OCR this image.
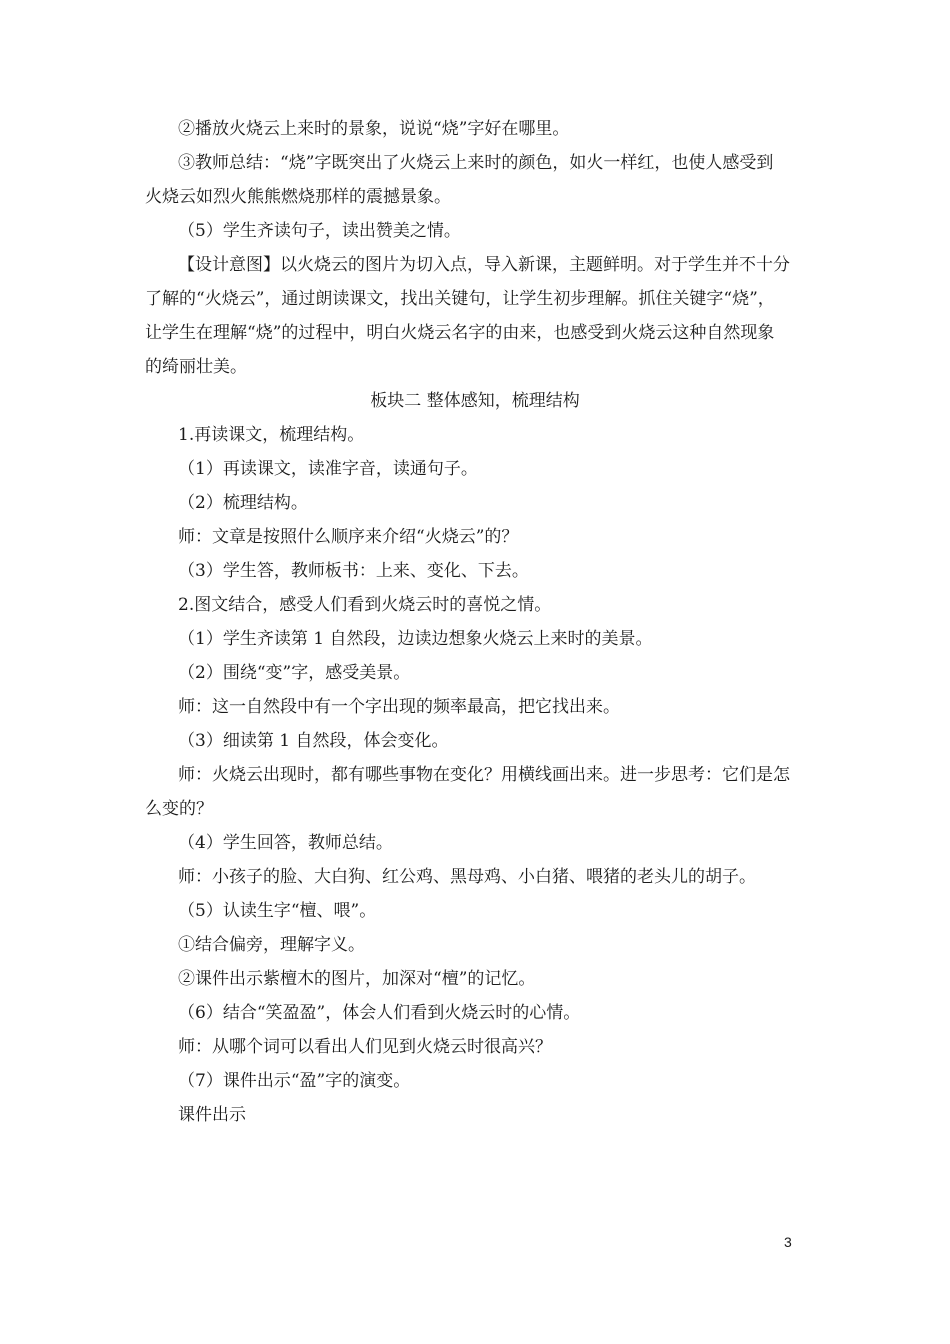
②播放火烧云上来时的景象，说说“烧”字好在哪里。
③教师总结：“烧”字既突出了火烧云上来时的颜色，如火一样红，也使人感受到
火烧云如烈火熊熊燃烧那样的震撼景象。
（5）学生齐读句子，读出赞美之情。
【设计意图】以火烧云的图片为切入点，导入新课，主题鲜明。对于学生并不十分
了解的“火烧云”，通过朗读课文，找出关键句，让学生初步理解。抓住关键字“烧”，
让学生在理解“烧”的过程中，明白火烧云名字的由来，也感受到火烧云这种自然现象
的绮丽壮美。
板块二 整体感知，梳理结构
1.再读课文，梳理结构。
（1）再读课文，读准字音，读通句子。
（2）梳理结构。
师：文章是按照什么顺序来介绍“火烧云”的？
（3）学生答，教师板书：上来、变化、下去。
2.图文结合，感受人们看到火烧云时的喜悦之情。
（1）学生齐读第 1 自然段，边读边想象火烧云上来时的美景。
（2）围绕“变”字，感受美景。
师：这一自然段中有一个字出现的频率最高，把它找出来。
（3）细读第 1 自然段，体会变化。
师：火烧云出现时，都有哪些事物在变化？用横线画出来。进一步思考：它们是怎
么变的？
（4）学生回答，教师总结。
师：小孩子的脸、大白狗、红公鸡、黑母鸡、小白猪、喂猪的老头儿的胡子。
（5）认读生字“檀、喂”。
①结合偏旁，理解字义。
②课件出示紫檀木的图片，加深对“檀”的记忆。
（6）结合“笑盈盈”，体会人们看到火烧云时的心情。
师：从哪个词可以看出人们见到火烧云时很高兴？
（7）课件出示“盈”字的演变。
课件出示
3
